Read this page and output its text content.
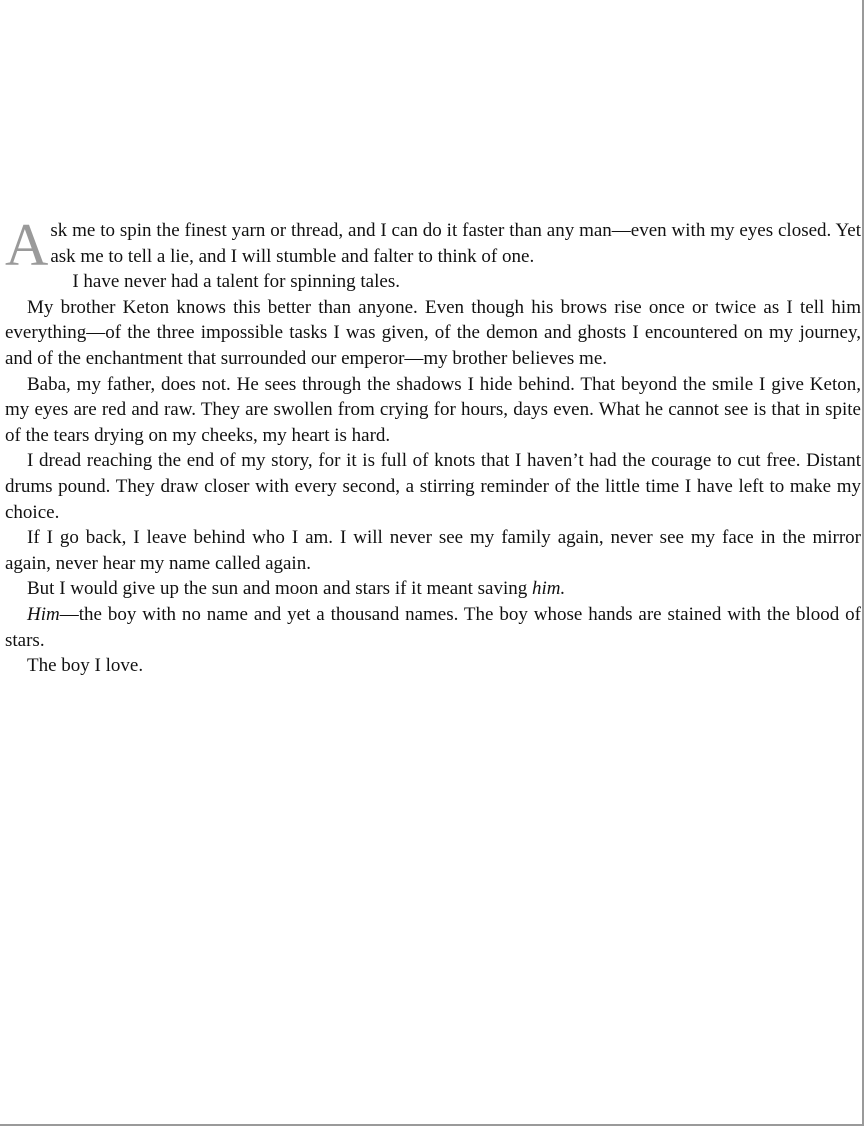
Ask me to spin the finest yarn or thread, and I can do it faster than any man—even with my eyes closed. Yet ask me to tell a lie, and I will stumble and falter to think of one.

I have never had a talent for spinning tales.

My brother Keton knows this better than anyone. Even though his brows rise once or twice as I tell him everything—of the three impossible tasks I was given, of the demon and ghosts I encountered on my journey, and of the enchantment that surrounded our emperor—my brother believes me.

Baba, my father, does not. He sees through the shadows I hide behind. That beyond the smile I give Keton, my eyes are red and raw. They are swollen from crying for hours, days even. What he cannot see is that in spite of the tears drying on my cheeks, my heart is hard.

I dread reaching the end of my story, for it is full of knots that I haven’t had the courage to cut free. Distant drums pound. They draw closer with every second, a stirring reminder of the little time I have left to make my choice.

If I go back, I leave behind who I am. I will never see my family again, never see my face in the mirror again, never hear my name called again.

But I would give up the sun and moon and stars if it meant saving him.

Him—the boy with no name and yet a thousand names. The boy whose hands are stained with the blood of stars.

The boy I love.
